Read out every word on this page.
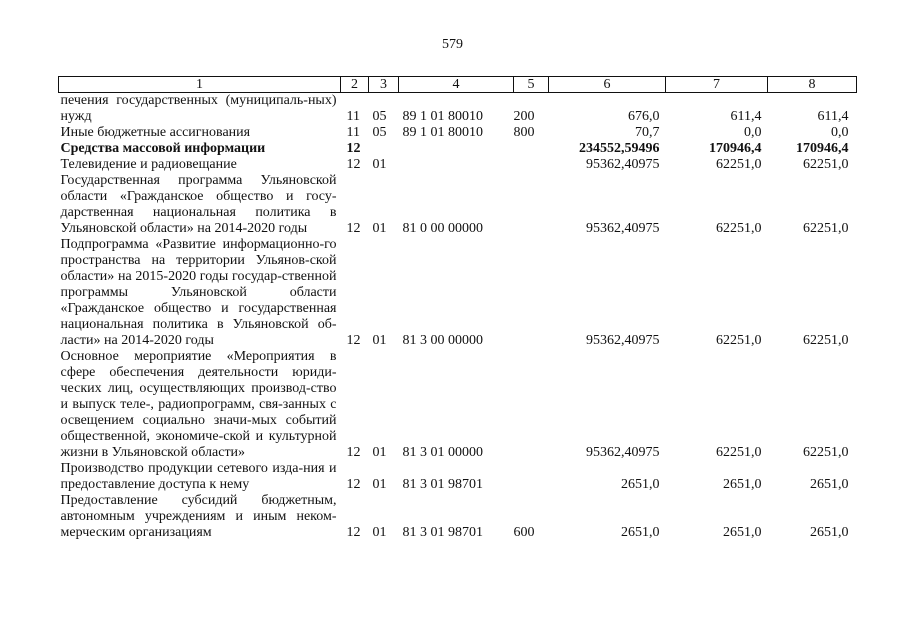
579
1	2	3	4	5	6	7	8
печения государственных (муниципаль-ных) нужд	11	05	89 1 01 80010	200	676,0	611,4	611,4
Иные бюджетные ассигнования	11	05	89 1 01 80010	800	70,7	0,0	0,0
Средства массовой информации	12				234552,59496	170946,4	170946,4
Телевидение и радиовещание	12	01			95362,40975	62251,0	62251,0
Государственная программа Ульяновской области «Гражданское общество и госу-дарственная национальная политика в Ульяновской области» на 2014-2020 годы	12	01	81 0 00 00000		95362,40975	62251,0	62251,0
Подпрограмма «Развитие информационно-го пространства на территории Ульянов-ской области» на 2015-2020 годы государ-ственной программы Ульяновской области «Гражданское общество и государственная национальная политика в Ульяновской об-ласти» на 2014-2020 годы	12	01	81 3 00 00000		95362,40975	62251,0	62251,0
Основное мероприятие «Мероприятия в сфере обеспечения деятельности юриди-ческих лиц, осуществляющих производ-ство и выпуск теле-, радиопрограмм, свя-занных с освещением социально значи-мых событий общественной, экономиче-ской и культурной жизни в Ульяновской области»	12	01	81 3 01 00000		95362,40975	62251,0	62251,0
Производство продукции сетевого изда-ния и предоставление доступа к нему	12	01	81 3 01 98701		2651,0	2651,0	2651,0
Предоставление субсидий бюджетным, автономным учреждениям и иным неком-мерческим организациям	12	01	81 3 01 98701	600	2651,0	2651,0	2651,0
